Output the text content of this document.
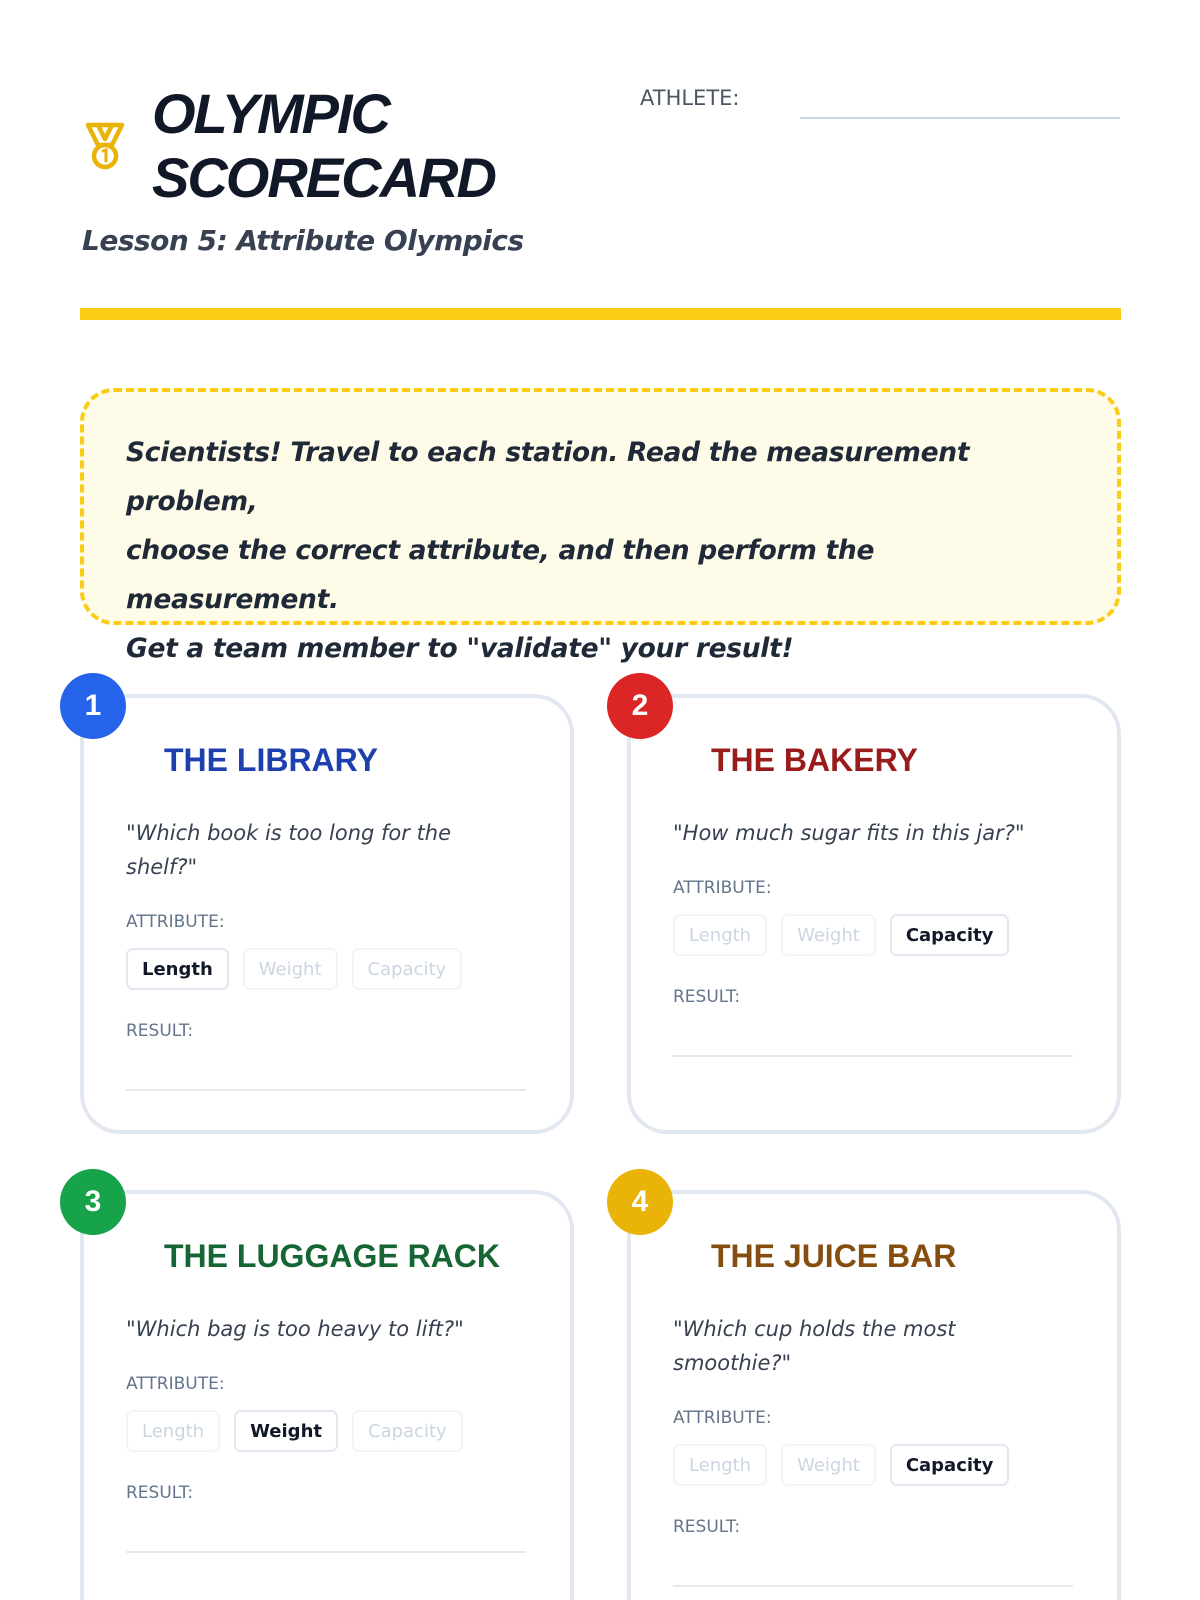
OLYMPIC
SCORECARD
Lesson 5: Attribute Olympics
ATHLETE:

Scientists! Travel to each station. Read the measurement problem,

choose the correct attribute, and then perform the measurement.

Get a team member to "validate" your result!

THE LIBRARY
"Which book is too long for the shelf?"
ATTRIBUTE:
Length	Weight	Capacity
RESULT:
1
THE BAKERY
"How much sugar fits in this jar?"
ATTRIBUTE:
Length	Weight	Capacity
RESULT:
2
THE LUGGAGE RACK
"Which bag is too heavy to lift?"
ATTRIBUTE:
Length	Weight	Capacity
RESULT:
3
THE JUICE BAR
"Which cup holds the most smoothie?"
ATTRIBUTE:
Length	Weight	Capacity
RESULT:
4
